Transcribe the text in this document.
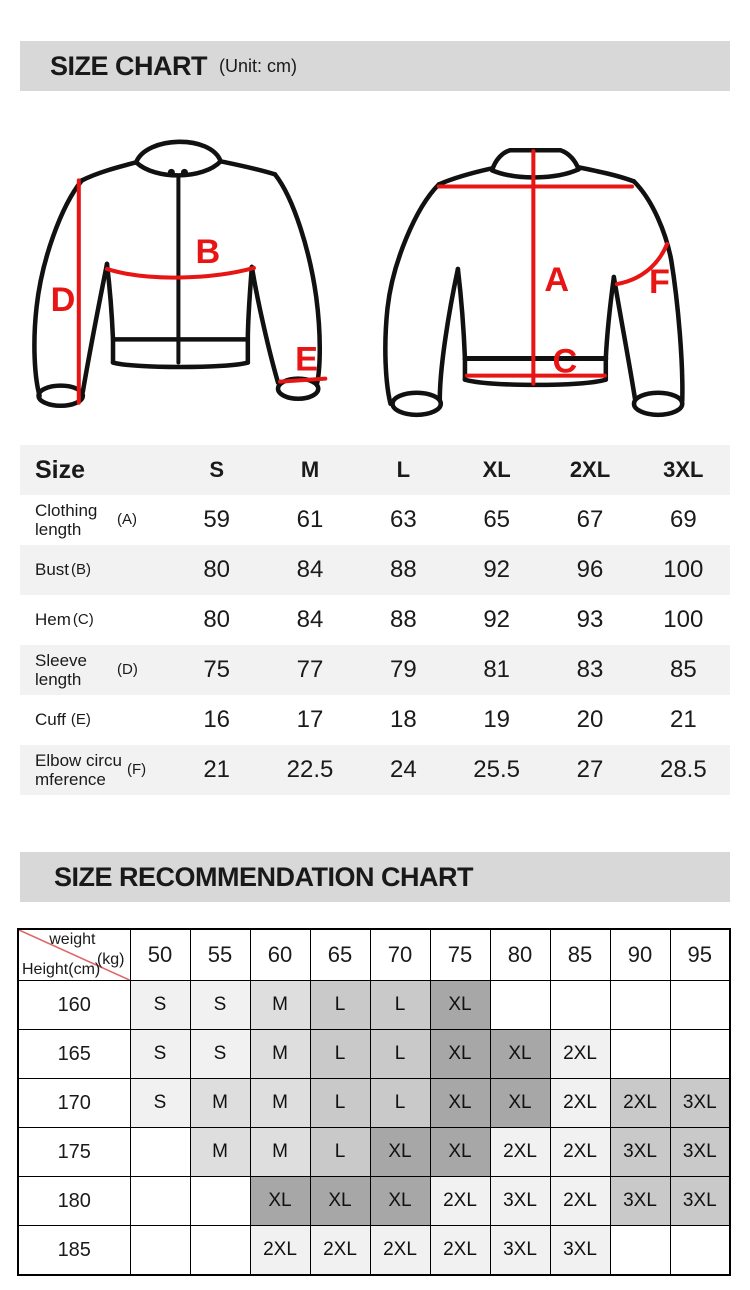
SIZE CHART (Unit: cm)
B
D
E
A
C
F
Size	S	M	L	XL	2XL	3XL
Clothing length
(A)	59	61	63	65	67	69
Bust (B)	80	84	88	92	96	100
Hem (C)	80	84	88	92	93	100
Sleeve length
(D)	75	77	79	81	83	85
Cuff (E)	16	17	18	19	20	21
Elbow circumference
(F)	21	22.5	24	25.5	27	28.5
SIZE RECOMMENDATION CHART
weight
(kg)
Height(cm)	50	55	60	65	70	75	80	85	90	95
160	S	S	M	L	L	XL				
165	S	S	M	L	L	XL	XL	2XL		
170	S	M	M	L	L	XL	XL	2XL	2XL	3XL
175		M	M	L	XL	XL	2XL	2XL	3XL	3XL
180			XL	XL	XL	2XL	3XL	2XL	3XL	3XL
185			2XL	2XL	2XL	2XL	3XL	3XL		
